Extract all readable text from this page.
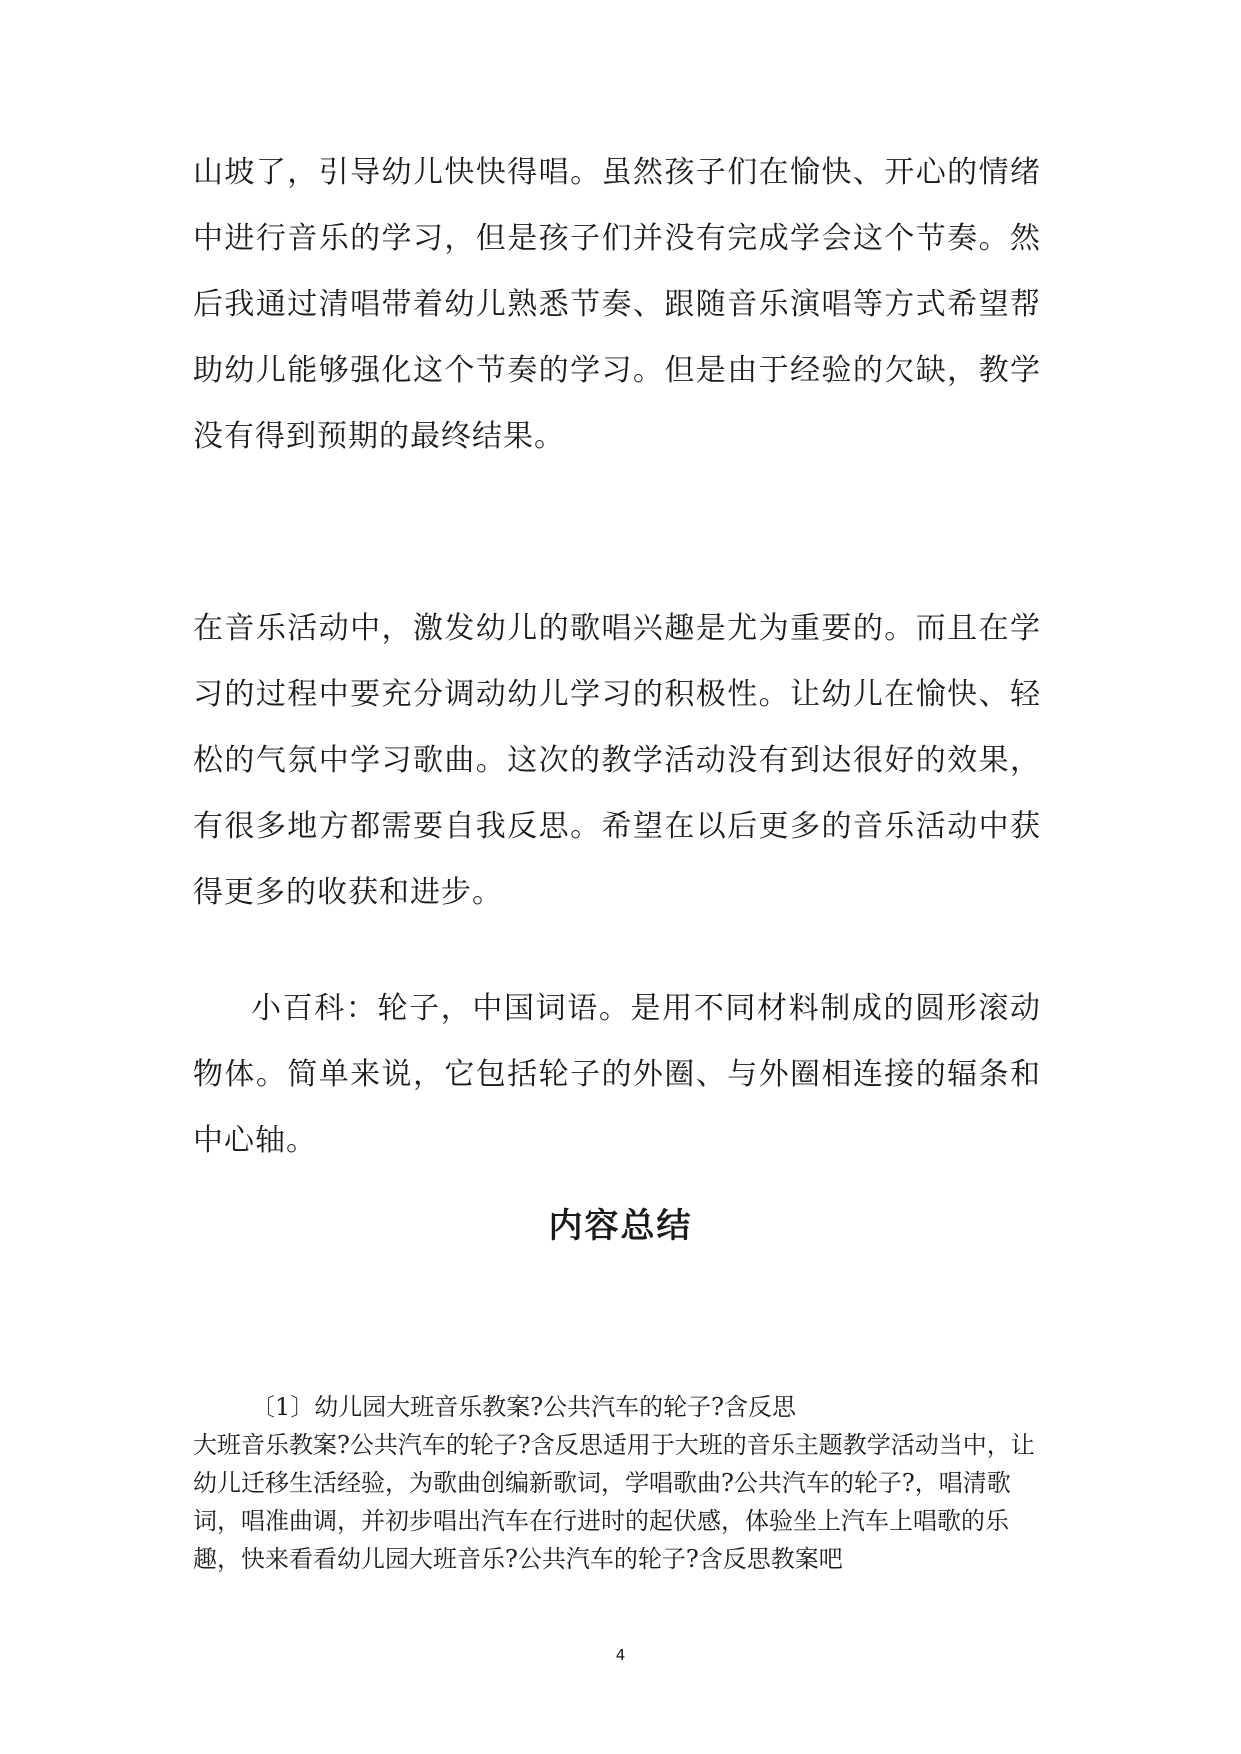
山坡了，引导幼儿快快得唱。虽然孩子们在愉快、开心的情绪中进行音乐的学习，但是孩子们并没有完成学会这个节奏。然后我通过清唱带着幼儿熟悉节奏、跟随音乐演唱等方式希望帮助幼儿能够强化这个节奏的学习。但是由于经验的欠缺，教学没有得到预期的最终结果。

在音乐活动中，激发幼儿的歌唱兴趣是尤为重要的。而且在学习的过程中要充分调动幼儿学习的积极性。让幼儿在愉快、轻松的气氛中学习歌曲。这次的教学活动没有到达很好的效果，有很多地方都需要自我反思。希望在以后更多的音乐活动中获得更多的收获和进步。

小百科：轮子，中国词语。是用不同材料制成的圆形滚动物体。简单来说，它包括轮子的外圈、与外圈相连接的辐条和中心轴。

内容总结
〔1〕幼儿园大班音乐教案?公共汽车的轮子?含反思
大班音乐教案?公共汽车的轮子?含反思适用于大班的音乐主题教学活动当中，让幼儿迁移生活经验，为歌曲创编新歌词，学唱歌曲?公共汽车的轮子?，唱清歌词，唱准曲调，并初步唱出汽车在行进时的起伏感，体验坐上汽车上唱歌的乐趣，快来看看幼儿园大班音乐?公共汽车的轮子?含反思教案吧
4
